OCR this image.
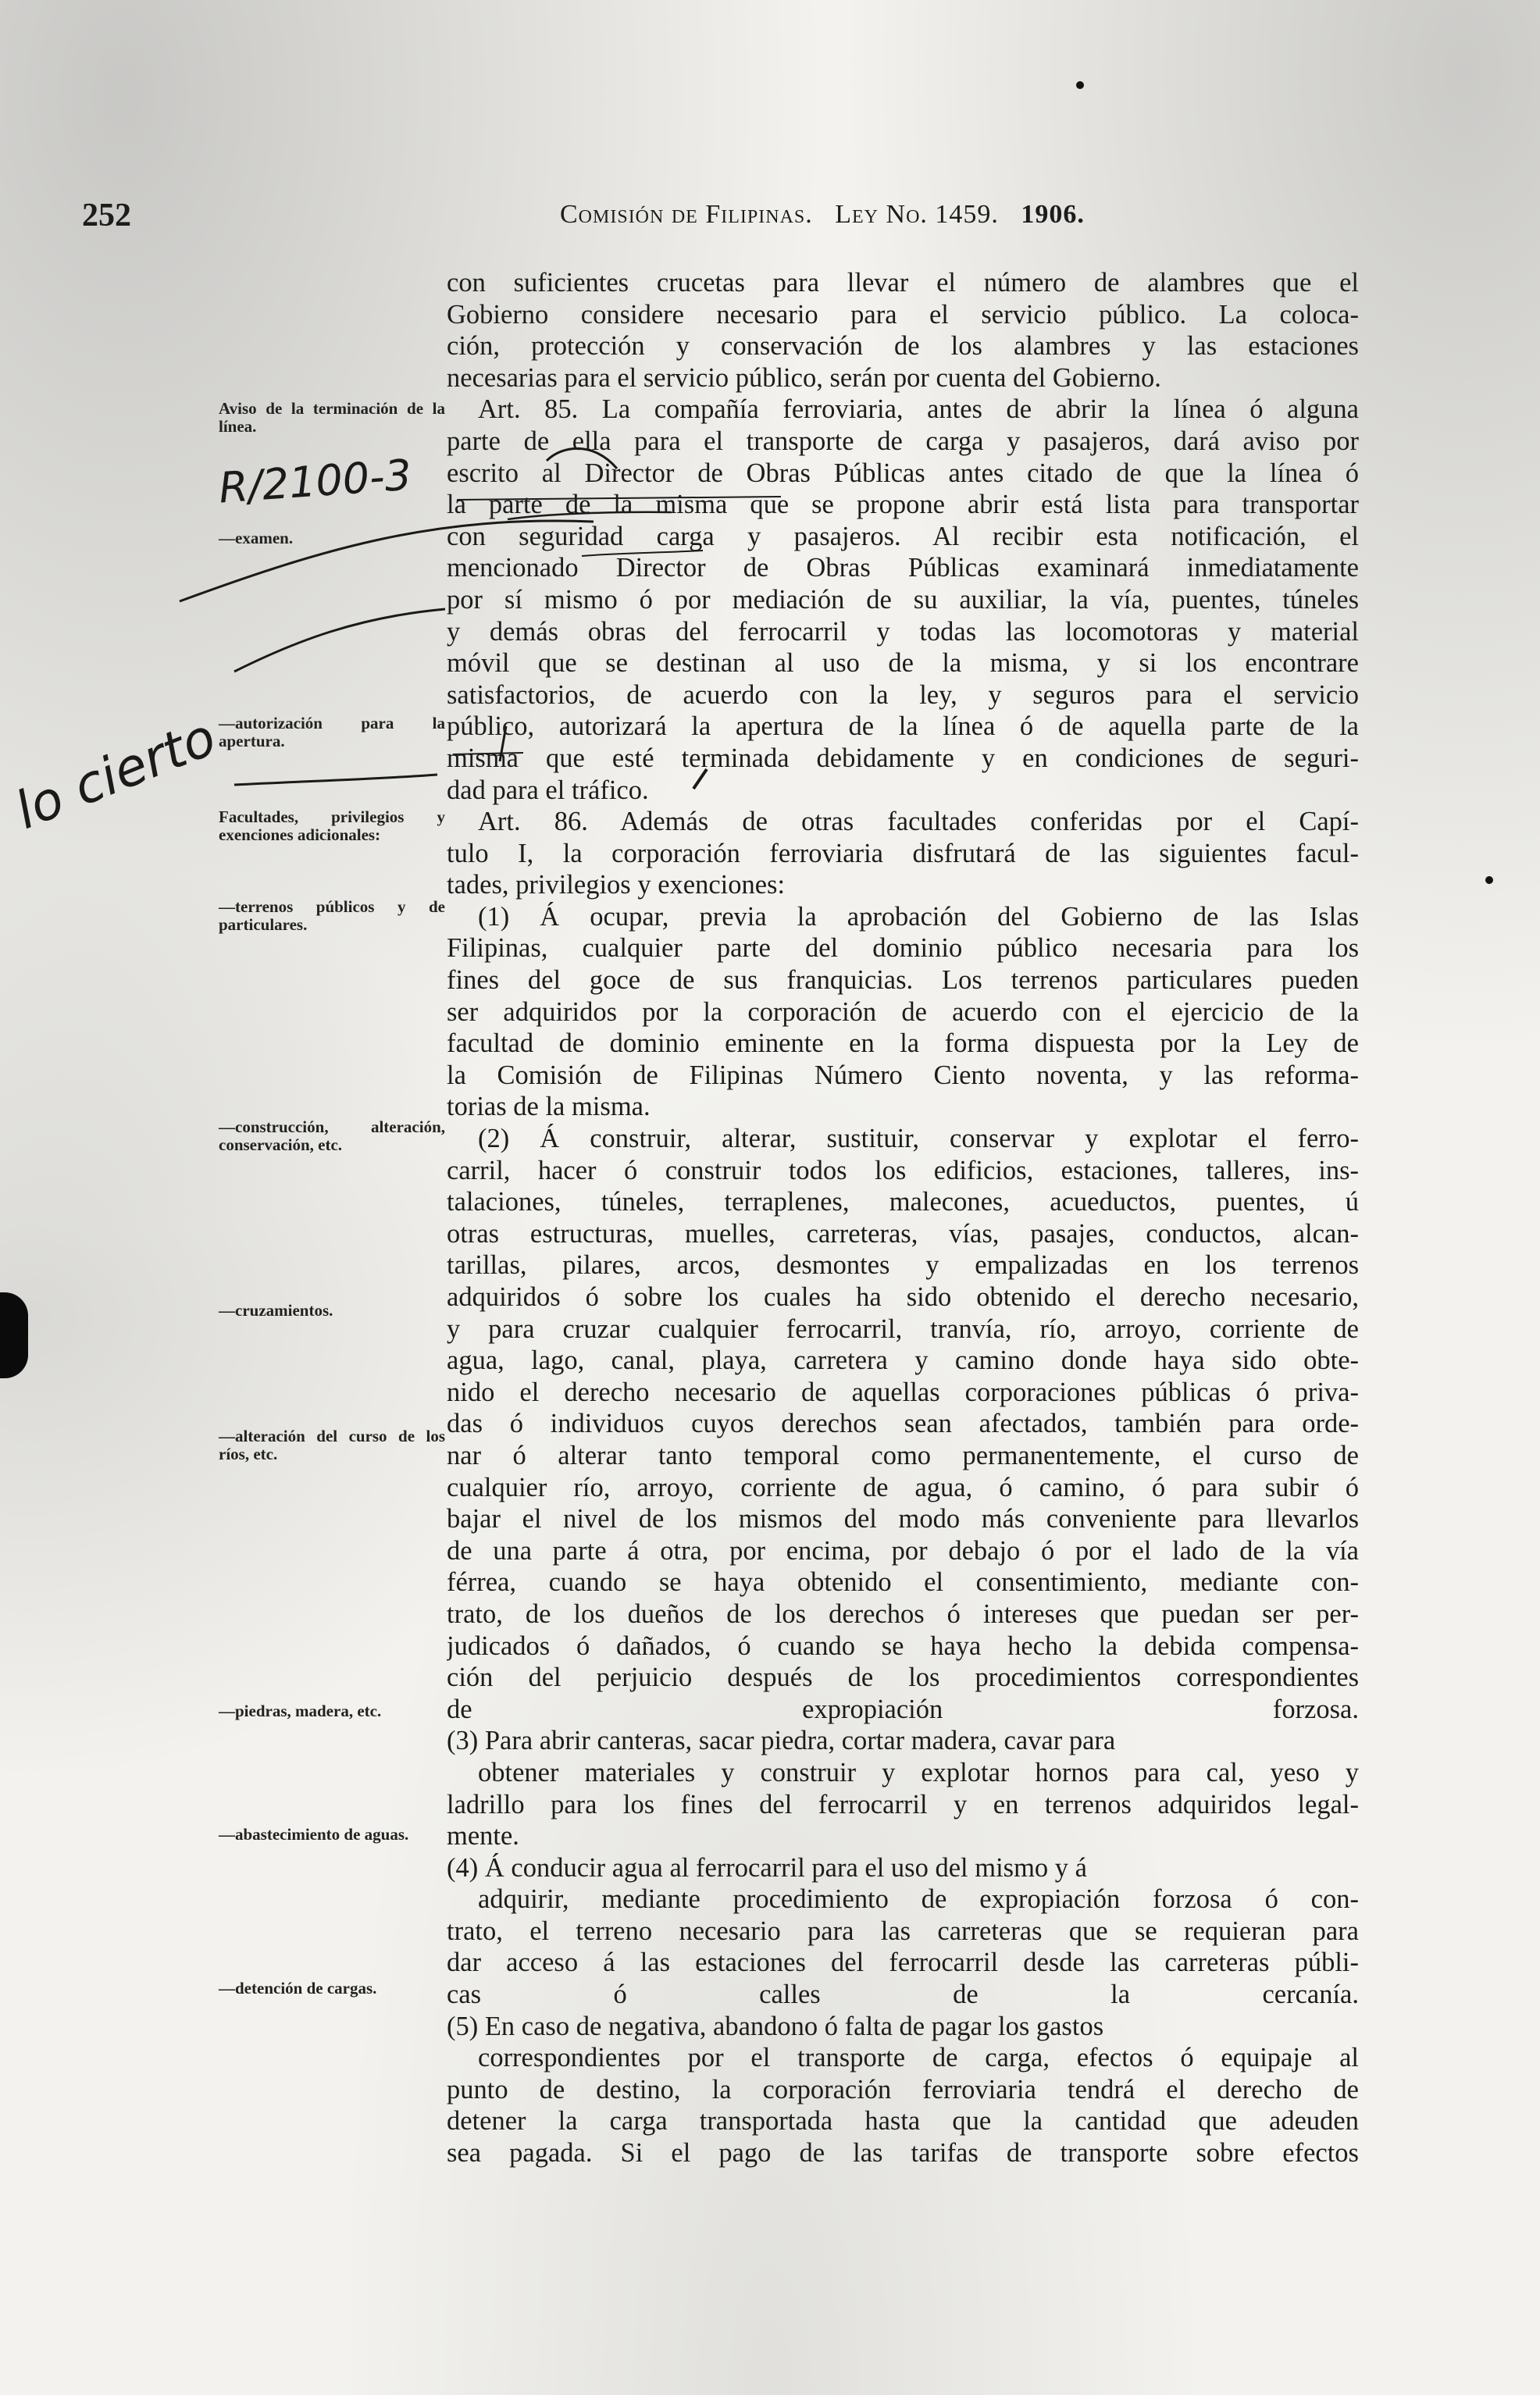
252	Comisión de Filipinas. Ley No. 1459. 1906.
Aviso de la terminación de la línea.
—examen.
—autorización para la apertura.
Facultades, privilegios y exenciones adicionales:
—terrenos públicos y de particulares.
—construcción, alteración, conservación, etc.
—cruzamientos.
—alteración del curso de los ríos, etc.
—piedras, madera, etc.
—abastecimiento de aguas.
—detención de cargas.
R/2100-3
lo cierto
con suficientes crucetas para llevar el número de alambres que el
Gobierno considere necesario para el servicio público. La coloca-
ción, protección y conservación de los alambres y las estaciones
necesarias para el servicio público, serán por cuenta del Gobierno.
Art. 85. La compañía ferroviaria, antes de abrir la línea ó alguna
parte de ella para el transporte de carga y pasajeros, dará aviso por
escrito al Director de Obras Públicas antes citado de que la línea ó
la parte de la misma que se propone abrir está lista para transportar
con seguridad carga y pasajeros. Al recibir esta notificación, el
mencionado Director de Obras Públicas examinará inmediatamente
por sí mismo ó por mediación de su auxiliar, la vía, puentes, túneles
y demás obras del ferrocarril y todas las locomotoras y material
móvil que se destinan al uso de la misma, y si los encontrare
satisfactorios, de acuerdo con la ley, y seguros para el servicio
público, autorizará la apertura de la línea ó de aquella parte de la
misma que esté terminada debidamente y en condiciones de seguri-
dad para el tráfico.
Art. 86. Además de otras facultades conferidas por el Capí-
tulo I, la corporación ferroviaria disfrutará de las siguientes facul-
tades, privilegios y exenciones:
(1) Á ocupar, previa la aprobación del Gobierno de las Islas
Filipinas, cualquier parte del dominio público necesaria para los
fines del goce de sus franquicias. Los terrenos particulares pueden
ser adquiridos por la corporación de acuerdo con el ejercicio de la
facultad de dominio eminente en la forma dispuesta por la Ley de
la Comisión de Filipinas Número Ciento noventa, y las reforma-
torias de la misma.
(2) Á construir, alterar, sustituir, conservar y explotar el ferro-
carril, hacer ó construir todos los edificios, estaciones, talleres, ins-
talaciones, túneles, terraplenes, malecones, acueductos, puentes, ú
otras estructuras, muelles, carreteras, vías, pasajes, conductos, alcan-
tarillas, pilares, arcos, desmontes y empalizadas en los terrenos
adquiridos ó sobre los cuales ha sido obtenido el derecho necesario,
y para cruzar cualquier ferrocarril, tranvía, río, arroyo, corriente de
agua, lago, canal, playa, carretera y camino donde haya sido obte-
nido el derecho necesario de aquellas corporaciones públicas ó priva-
das ó individuos cuyos derechos sean afectados, también para orde-
nar ó alterar tanto temporal como permanentemente, el curso de
cualquier río, arroyo, corriente de agua, ó camino, ó para subir ó
bajar el nivel de los mismos del modo más conveniente para llevarlos
de una parte á otra, por encima, por debajo ó por el lado de la vía
férrea, cuando se haya obtenido el consentimiento, mediante con-
trato, de los dueños de los derechos ó intereses que puedan ser per-
judicados ó dañados, ó cuando se haya hecho la debida compensa-
ción del perjuicio después de los procedimientos correspondientes
de expropiación forzosa.
(3) Para abrir canteras, sacar piedra, cortar madera, cavar para
obtener materiales y construir y explotar hornos para cal, yeso y
ladrillo para los fines del ferrocarril y en terrenos adquiridos legal-
mente.
(4) Á conducir agua al ferrocarril para el uso del mismo y á
adquirir, mediante procedimiento de expropiación forzosa ó con-
trato, el terreno necesario para las carreteras que se requieran para
dar acceso á las estaciones del ferrocarril desde las carreteras públi-
cas ó calles de la cercanía.
(5) En caso de negativa, abandono ó falta de pagar los gastos
correspondientes por el transporte de carga, efectos ó equipaje al
punto de destino, la corporación ferroviaria tendrá el derecho de
detener la carga transportada hasta que la cantidad que adeuden
sea pagada. Si el pago de las tarifas de transporte sobre efectos
